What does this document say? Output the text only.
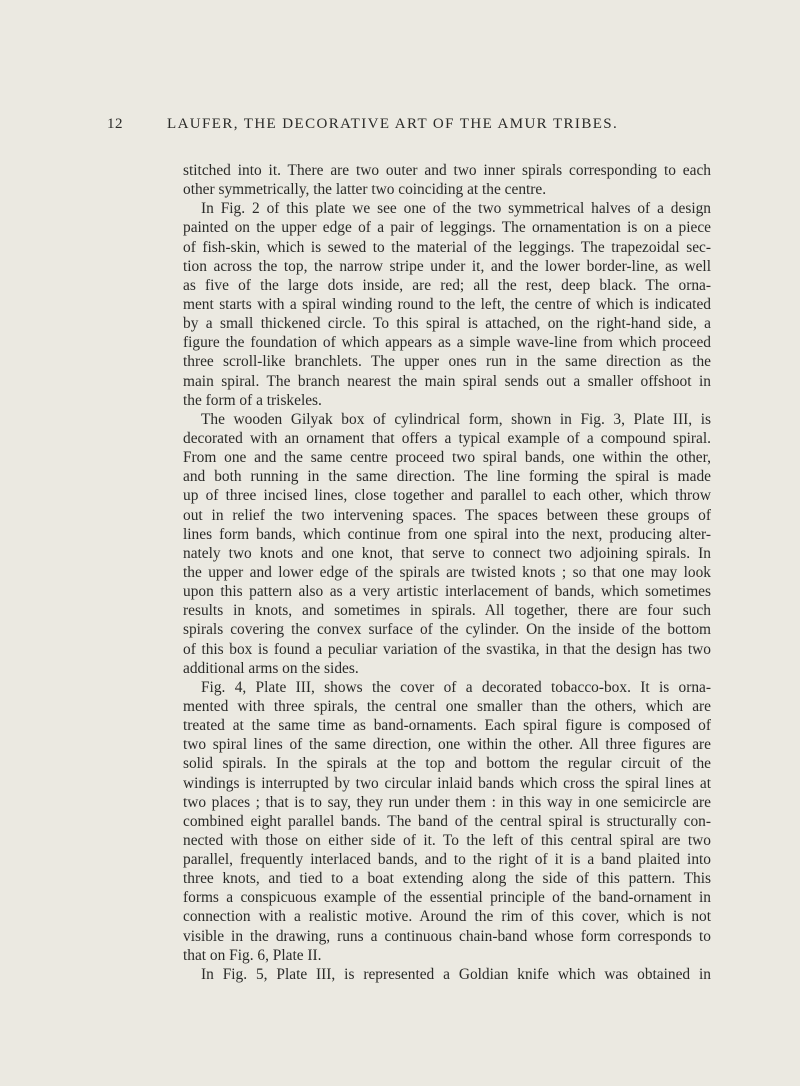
12	LAUFER, THE DECORATIVE ART OF THE AMUR TRIBES.
stitched into it. There are two outer and two inner spirals corresponding to each
other symmetrically, the latter two coinciding at the centre.
In Fig. 2 of this plate we see one of the two symmetrical halves of a design
painted on the upper edge of a pair of leggings. The ornamentation is on a piece
of fish-skin, which is sewed to the material of the leggings. The trapezoidal sec-
tion across the top, the narrow stripe under it, and the lower border-line, as well
as five of the large dots inside, are red; all the rest, deep black. The orna-
ment starts with a spiral winding round to the left, the centre of which is indicated
by a small thickened circle. To this spiral is attached, on the right-hand side, a
figure the foundation of which appears as a simple wave-line from which proceed
three scroll-like branchlets. The upper ones run in the same direction as the
main spiral. The branch nearest the main spiral sends out a smaller offshoot in
the form of a triskeles.
The wooden Gilyak box of cylindrical form, shown in Fig. 3, Plate III, is
decorated with an ornament that offers a typical example of a compound spiral.
From one and the same centre proceed two spiral bands, one within the other,
and both running in the same direction. The line forming the spiral is made
up of three incised lines, close together and parallel to each other, which throw
out in relief the two intervening spaces. The spaces between these groups of
lines form bands, which continue from one spiral into the next, producing alter-
nately two knots and one knot, that serve to connect two adjoining spirals. In
the upper and lower edge of the spirals are twisted knots ; so that one may look
upon this pattern also as a very artistic interlacement of bands, which sometimes
results in knots, and sometimes in spirals. All together, there are four such
spirals covering the convex surface of the cylinder. On the inside of the bottom
of this box is found a peculiar variation of the svastika, in that the design has two
additional arms on the sides.
Fig. 4, Plate III, shows the cover of a decorated tobacco-box. It is orna-
mented with three spirals, the central one smaller than the others, which are
treated at the same time as band-ornaments. Each spiral figure is composed of
two spiral lines of the same direction, one within the other. All three figures are
solid spirals. In the spirals at the top and bottom the regular circuit of the
windings is interrupted by two circular inlaid bands which cross the spiral lines at
two places ; that is to say, they run under them : in this way in one semicircle are
combined eight parallel bands. The band of the central spiral is structurally con-
nected with those on either side of it. To the left of this central spiral are two
parallel, frequently interlaced bands, and to the right of it is a band plaited into
three knots, and tied to a boat extending along the side of this pattern. This
forms a conspicuous example of the essential principle of the band-ornament in
connection with a realistic motive. Around the rim of this cover, which is not
visible in the drawing, runs a continuous chain-band whose form corresponds to
that on Fig. 6, Plate II.
In Fig. 5, Plate III, is represented a Goldian knife which was obtained in
